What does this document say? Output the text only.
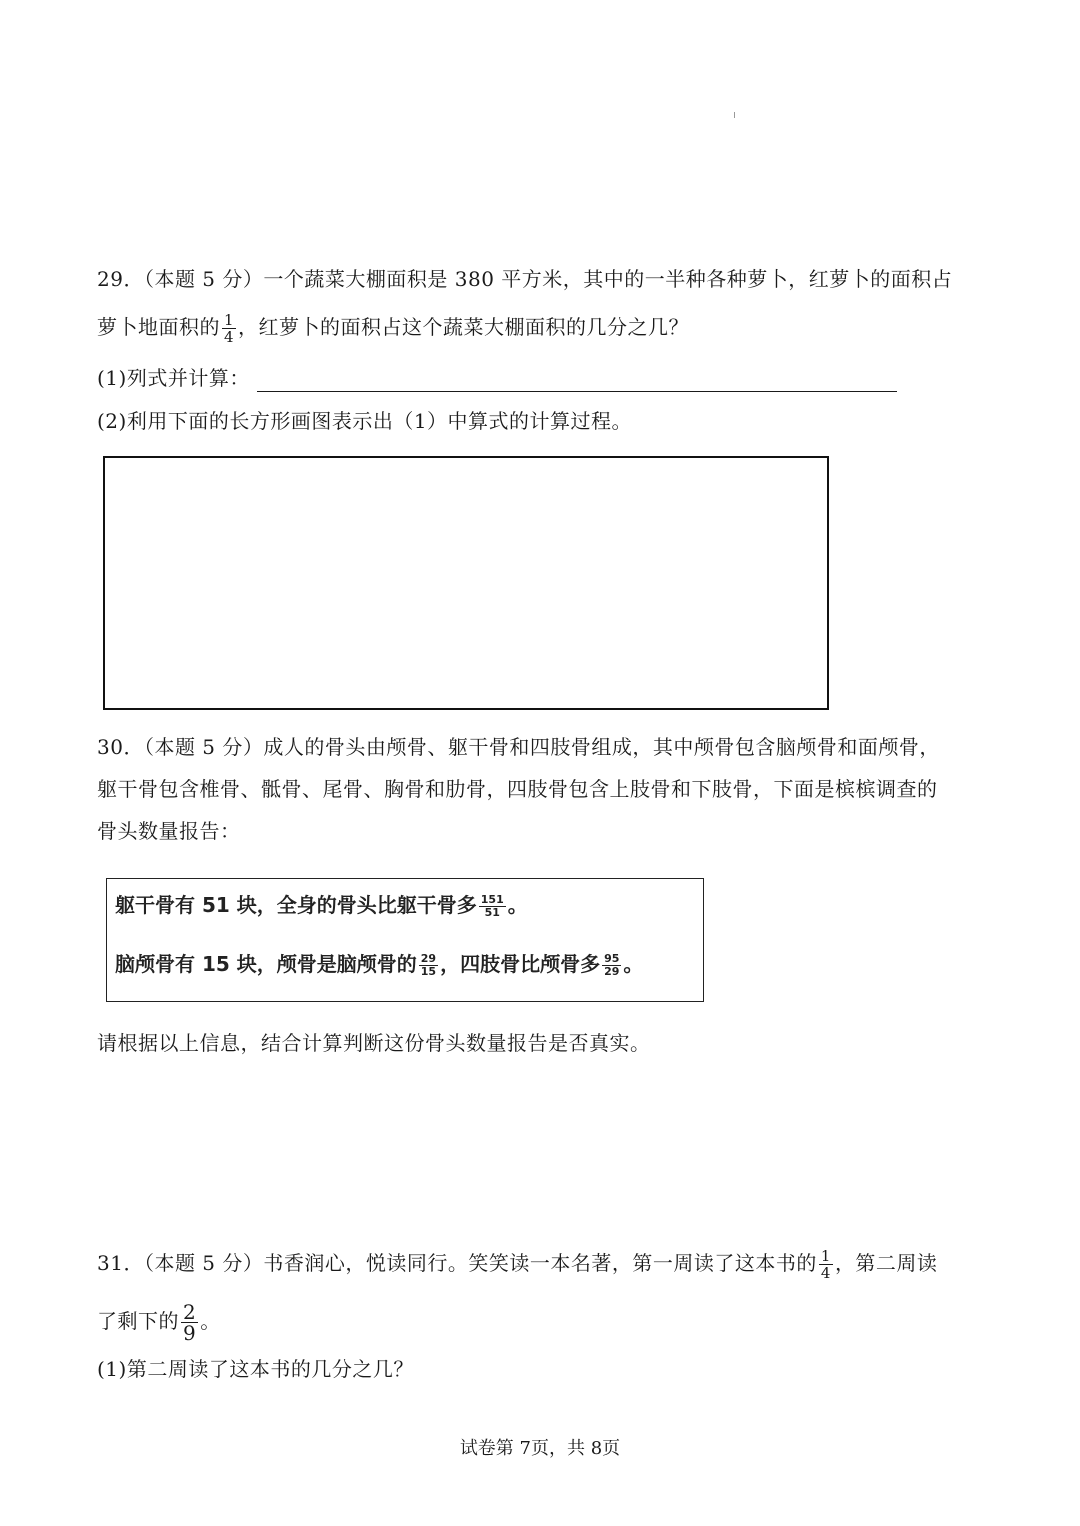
29．（本题 5 分）一个蔬菜大棚面积是 380 平方米，其中的一半种各种萝卜，红萝卜的面积占
萝卜地面积的 $\frac{1}{4}$ ，红萝卜的面积占这个蔬菜大棚面积的几分之几？
(1)列式并计算：
(2)利用下面的长方形画图表示出（1）中算式的计算过程。
30．（本题 5 分）成人的骨头由颅骨、躯干骨和四肢骨组成，其中颅骨包含脑颅骨和面颅骨，
躯干骨包含椎骨、骶骨、尾骨、胸骨和肋骨，四肢骨包含上肢骨和下肢骨，下面是槟槟调查的
骨头数量报告：
躯干骨有 51 块，全身的骨头比躯干骨多 $\frac{151}{51}$ 。
脑颅骨有 15 块，颅骨是脑颅骨的 $\frac{29}{15}$ ，四肢骨比颅骨多 $\frac{95}{29}$ 。
请根据以上信息，结合计算判断这份骨头数量报告是否真实。
31．（本题 5 分）书香润心，悦读同行。笑笑读一本名著，第一周读了这本书的 $\frac{1}{4}$ ，第二周读
了剩下的 $\frac{2}{9}$ 。
(1)第二周读了这本书的几分之几？
试卷第 7页，共 8页
